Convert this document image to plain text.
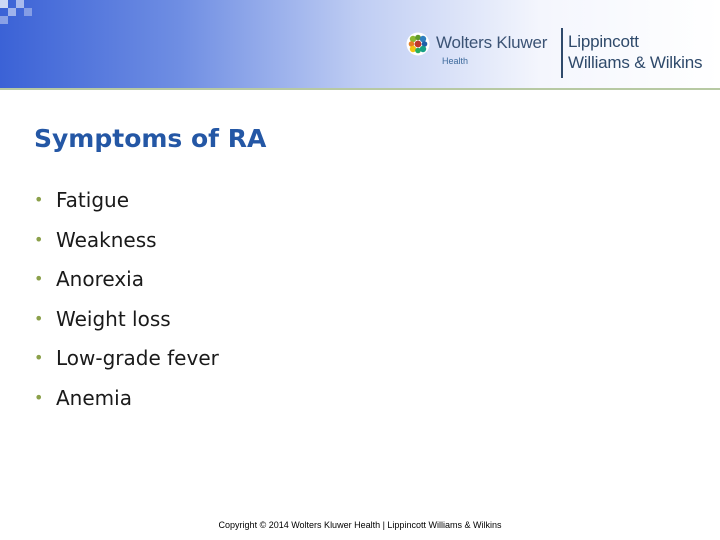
Wolters Kluwer
Health
Lippincott
Williams & Wilkins
Symptoms of RA
• Fatigue
• Weakness
• Anorexia
• Weight loss
• Low-grade fever
• Anemia
Copyright © 2014 Wolters Kluwer Health | Lippincott Williams & Wilkins
